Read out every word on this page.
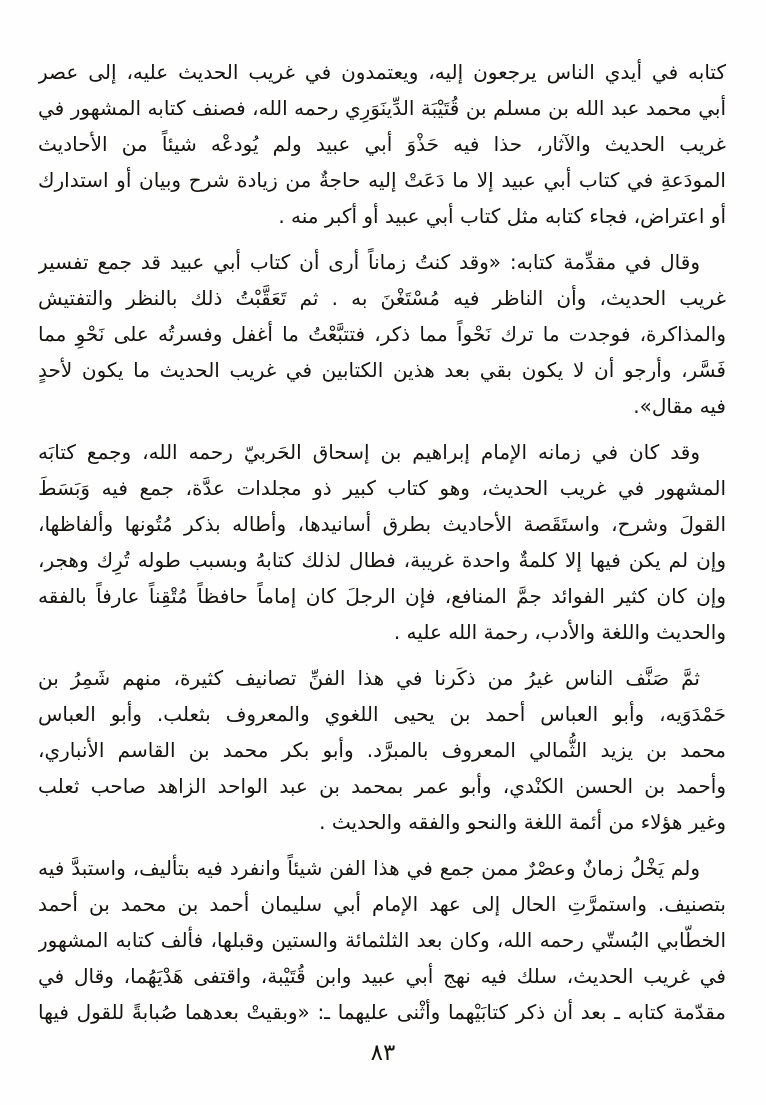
كتابه في أيدي الناس يرجعون إليه، ويعتمدون في غريب الحديث عليه، إلى عصر
أبي محمد عبد الله بن مسلم بن قُتَيْبَة الدِّينَوَرِي رحمه الله، فصنف كتابه المشهور في
غريب الحديث والآثار، حذا فيه حَذْوَ أبي عبيد ولم يُودعْه شيئاً من الأحاديث
المودَعةِ في كتاب أبي عبيد إلا ما دَعَتْ إليه حاجةٌ من زيادة شرح وبيان أو استدارك
أو اعتراض، فجاء كتابه مثل كتاب أبي عبيد أو أكبر منه .

وقال في مقدِّمة كتابه: «وقد كنتُ زماناً أرى أن كتاب أبي عبيد قد جمع تفسير
غريب الحديث، وأن الناظر فيه مُسْتَغْنَ به . ثم تَعَقَّبْتُ ذلك بالنظر والتفتيش
والمذاكرة، فوجدت ما ترك نَحْواً مما ذكر، فتتبَّعْتُ ما أغفل وفسرتُه على نَحْوِ مما
فَسَّر، وأرجو أن لا يكون بقي بعد هذين الكتابين في غريب الحديث ما يكون لأحدٍ
فيه مقال».

وقد كان في زمانه الإمام إبراهيم بن إسحاق الحَربيّ رحمه الله، وجمع كتابَه
المشهور في غريب الحديث، وهو كتاب كبير ذو مجلدات عدَّة، جمع فيه وَبَسَطَ
القولَ وشرح، واستَقَصة الأحاديث بطرق أسانيدها، وأطاله بذكر مُتُونها وألفاظها،
وإن لم يكن فيها إلا كلمةٌ واحدة غريبة، فطال لذلك كتابهُ وبسبب طوله تُرِك وهجر،
وإن كان كثير الفوائد جمَّ المنافع، فإن الرجلَ كان إماماً حافظاً مُتْقِناً عارفاً بالفقه
والحديث واللغة والأدب، رحمة الله عليه .

ثمَّ صَنَّف الناس غيرُ من ذكَرنا في هذا الفنِّ تصانيف كثيرة، منهم شَمِرُ بن
حَمْدَوَيه، وأبو العباس أحمد بن يحيى اللغوي والمعروف بثعلب. وأبو العباس
محمد بن يزيد الثُّمالي المعروف بالمبرَّد. وأبو بكر محمد بن القاسم الأنباري،
وأحمد بن الحسن الكنْدي، وأبو عمر بمحمد بن عبد الواحد الزاهد صاحب ثعلب
وغير هؤلاء من أئمة اللغة والنحو والفقه والحديث .

ولم يَخْلُ زمانٌ وعصْرٌ ممن جمع في هذا الفن شيئاً وانفرد فيه بتأليف، واستبدَّ فيه
بتصنيف. واستمرَّتِ الحال إلى عهد الإمام أبي سليمان أحمد بن محمد بن أحمد
الخطّابي البُستّي رحمه الله، وكان بعد الثلثمائة والستين وقبلها، فألف كتابه المشهور
في غريب الحديث، سلك فيه نهج أبي عبيد وابن قُتَيْبة، واقتفى هَدْيَهُما، وقال في
مقدّمة كتابه ـ بعد أن ذكر كتابَيْهما وأثْنى عليهما ـ: «وبقيتْ بعدهما صُبابةً للقول فيها

٨٣
